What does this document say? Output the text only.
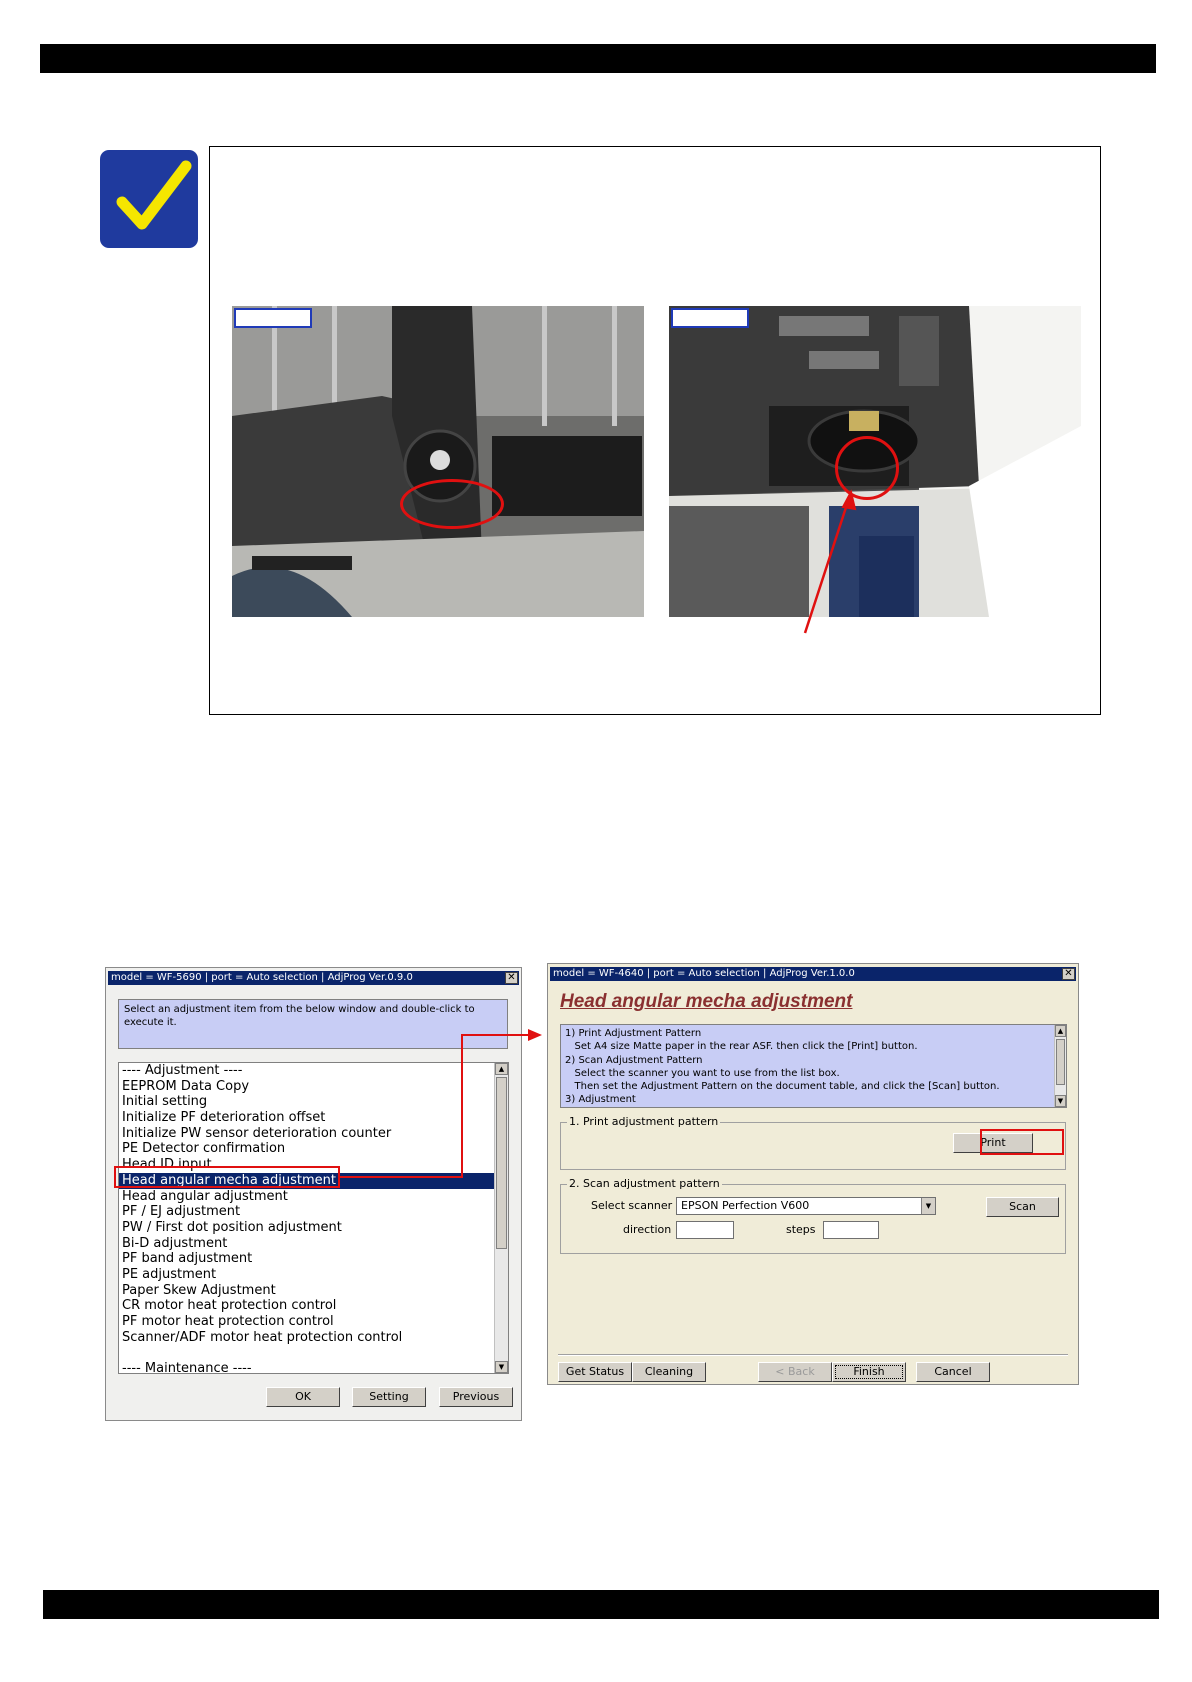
model = WF-5690 | port = Auto selection | AdjProg Ver.0.9.0	✕
Select an adjustment item from the below window and double-click to execute it.
---- Adjustment ----
EEPROM Data Copy
Initial setting
Initialize PF deterioration offset
Initialize PW sensor deterioration counter
PE Detector confirmation
Head ID input
Head angular mecha adjustment
Head angular adjustment
PF / EJ adjustment
PW / First dot position adjustment
Bi-D adjustment
PF band adjustment
PE adjustment
Paper Skew Adjustment
CR motor heat protection control
PF motor heat protection control
Scanner/ADF motor heat protection control
---- Maintenance ----
▲
▼
OK	Setting	Previous
model = WF-4640 | port = Auto selection | AdjProg Ver.1.0.0	✕
Head angular mecha adjustment
1) Print Adjustment Pattern
Set A4 size Matte paper in the rear ASF. then click the [Print] button.
2) Scan Adjustment Pattern
Select the scanner you want to use from the list box.
Then set the Adjustment Pattern on the document table, and click the [Scan] button.
3) Adjustment
▲
▼
1. Print adjustment pattern
Print
2. Scan adjustment pattern
Select scanner EPSON Perfection V600	▼	Scan
direction	steps
Get Status	Cleaning	< Back	Finish	Cancel
